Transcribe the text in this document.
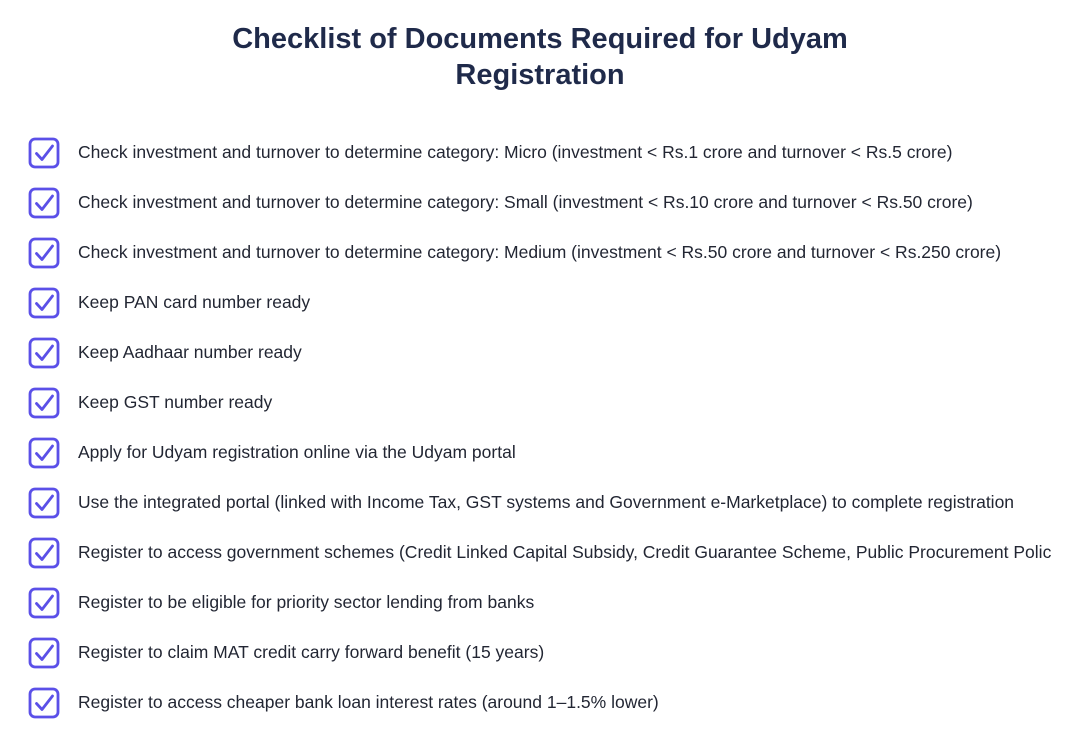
Checklist of Documents Required for Udyam Registration
Check investment and turnover to determine category: Micro (investment < Rs.1 crore and turnover < Rs.5 crore)
Check investment and turnover to determine category: Small (investment < Rs.10 crore and turnover < Rs.50 crore)
Check investment and turnover to determine category: Medium (investment < Rs.50 crore and turnover < Rs.250 crore)
Keep PAN card number ready
Keep Aadhaar number ready
Keep GST number ready
Apply for Udyam registration online via the Udyam portal
Use the integrated portal (linked with Income Tax, GST systems and Government e-Marketplace) to complete registration
Register to access government schemes (Credit Linked Capital Subsidy, Credit Guarantee Scheme, Public Procurement Polic
Register to be eligible for priority sector lending from banks
Register to claim MAT credit carry forward benefit (15 years)
Register to access cheaper bank loan interest rates (around 1–1.5% lower)
